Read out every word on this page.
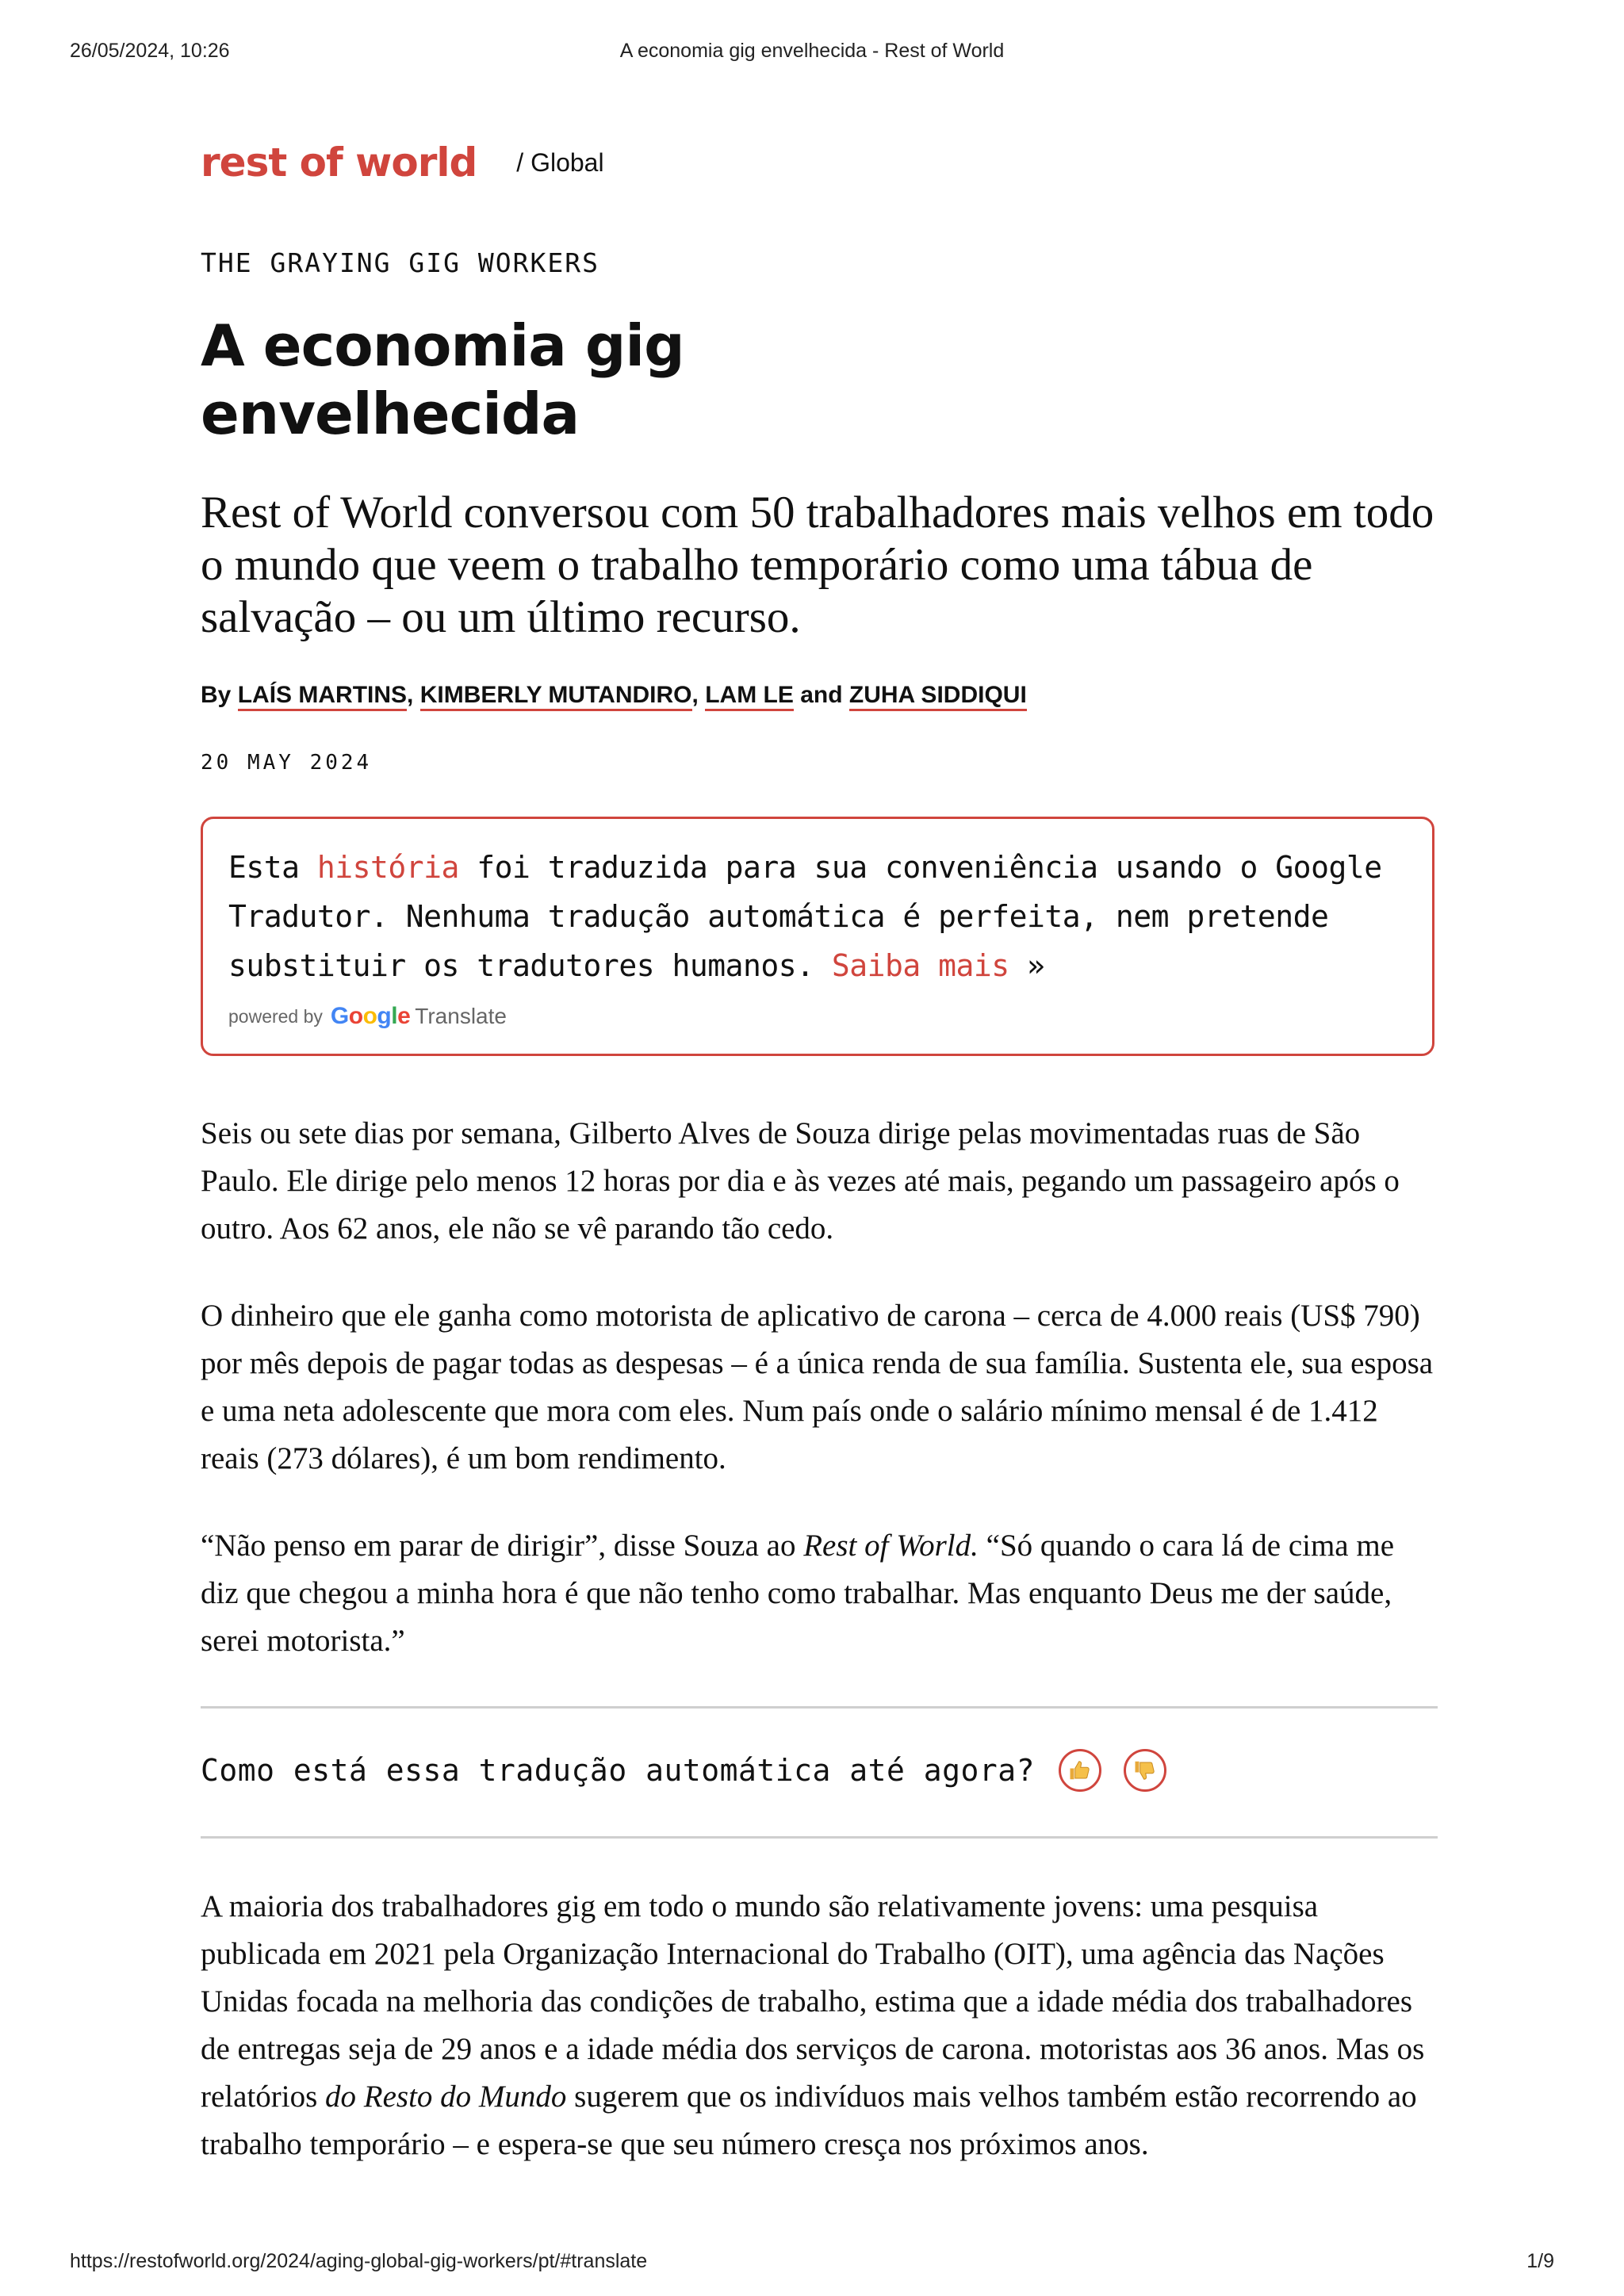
26/05/2024, 10:26	A economia gig envelhecida - Rest of World
rest of world / Global
THE GRAYING GIG WORKERS
A economia gig envelhecida

Rest of World conversou com 50 trabalhadores mais velhos em todo o mundo que veem o trabalho temporário como uma tábua de salvação – ou um último recurso.

By LAÍS MARTINS, KIMBERLY MUTANDIRO, LAM LE and ZUHA SIDDIQUI
20 MAY 2024
Esta história foi traduzida para sua conveniência usando o Google Tradutor. Nenhuma tradução automática é perfeita, nem pretende substituir os tradutores humanos. Saiba mais »
powered by Google Translate

Seis ou sete dias por semana, Gilberto Alves de Souza dirige pelas movimentadas ruas de São Paulo. Ele dirige pelo menos 12 horas por dia e às vezes até mais, pegando um passageiro após o outro. Aos 62 anos, ele não se vê parando tão cedo.

O dinheiro que ele ganha como motorista de aplicativo de carona – cerca de 4.000 reais (US$ 790) por mês depois de pagar todas as despesas – é a única renda de sua família. Sustenta ele, sua esposa e uma neta adolescente que mora com eles. Num país onde o salário mínimo mensal é de 1.412 reais (273 dólares), é um bom rendimento.

“Não penso em parar de dirigir”, disse Souza ao Rest of World. “Só quando o cara lá de cima me diz que chegou a minha hora é que não tenho como trabalhar. Mas enquanto Deus me der saúde, serei motorista.”

Como está essa tradução automática até agora?

A maioria dos trabalhadores gig em todo o mundo são relativamente jovens: uma pesquisa publicada em 2021 pela Organização Internacional do Trabalho (OIT), uma agência das Nações Unidas focada na melhoria das condições de trabalho, estima que a idade média dos trabalhadores de entregas seja de 29 anos e a idade média dos serviços de carona. motoristas aos 36 anos. Mas os relatórios do Resto do Mundo sugerem que os indivíduos mais velhos também estão recorrendo ao trabalho temporário – e espera-se que seu número cresça nos próximos anos.

https://restofworld.org/2024/aging-global-gig-workers/pt/#translate	1/9
